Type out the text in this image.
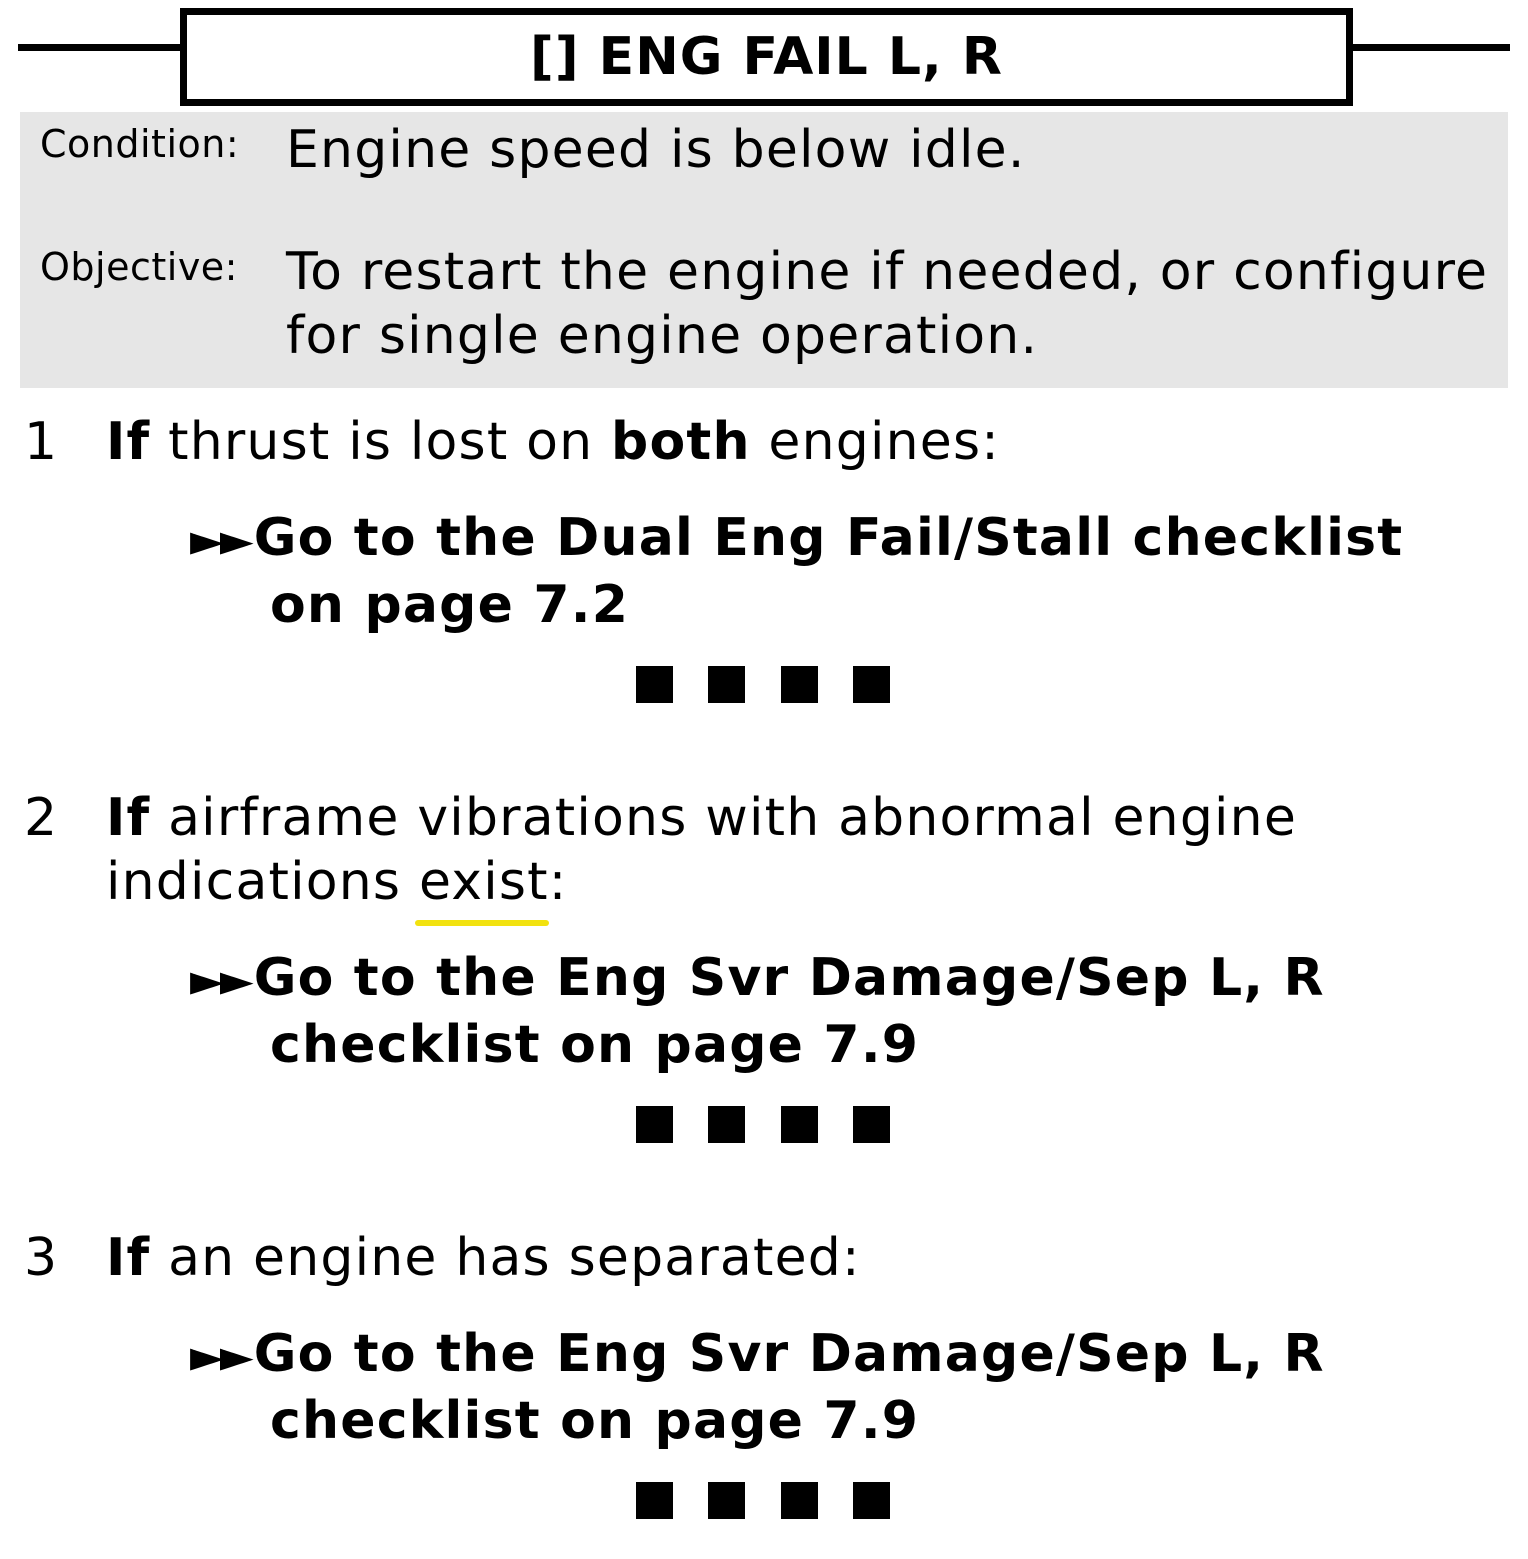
[] ENG FAIL L, R
Condition: Engine speed is below idle.
Objective: To restart the engine if needed, or configure
for single engine operation.
1 If thrust is lost on both engines:
►►Go to the Dual Eng Fail/Stall checklist
on page 7.2
2 If airframe vibrations with abnormal engine
indications exist:
►►Go to the Eng Svr Damage/Sep L, R
checklist on page 7.9
3 If an engine has separated:
►►Go to the Eng Svr Damage/Sep L, R
checklist on page 7.9
